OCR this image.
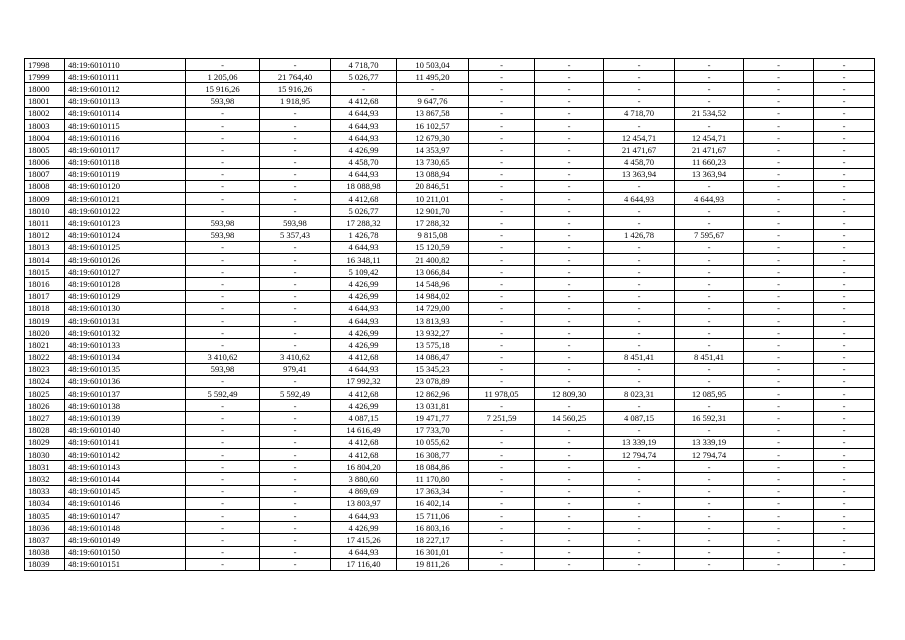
17998	48:19:6010110	-	-	4 718,70	10 503,04	-	-	-	-	-	-
17999	48:19:6010111	1 205,06	21 764,40	5 026,77	11 495,20	-	-	-	-	-	-
18000	48:19:6010112	15 916,26	15 916,26	-	-	-	-	-	-	-	-
18001	48:19:6010113	593,98	1 918,95	4 412,68	9 647,76	-	-	-	-	-	-
18002	48:19:6010114	-	-	4 644,93	13 867,58	-	-	4 718,70	21 534,52	-	-
18003	48:19:6010115	-	-	4 644,93	16 102,57	-	-	-	-	-	-
18004	48:19:6010116	-	-	4 644,93	12 679,30	-	-	12 454,71	12 454,71	-	-
18005	48:19:6010117	-	-	4 426,99	14 353,97	-	-	21 471,67	21 471,67	-	-
18006	48:19:6010118	-	-	4 458,70	13 730,65	-	-	4 458,70	11 660,23	-	-
18007	48:19:6010119	-	-	4 644,93	13 088,94	-	-	13 363,94	13 363,94	-	-
18008	48:19:6010120	-	-	18 088,98	20 846,51	-	-	-	-	-	-
18009	48:19:6010121	-	-	4 412,68	10 211,01	-	-	4 644,93	4 644,93	-	-
18010	48:19:6010122	-	-	5 026,77	12 901,70	-	-	-	-	-	-
18011	48:19:6010123	593,98	593,98	17 288,32	17 288,32	-	-	-	-	-	-
18012	48:19:6010124	593,98	5 357,43	1 426,78	9 815,08	-	-	1 426,78	7 595,67	-	-
18013	48:19:6010125	-	-	4 644,93	15 120,59	-	-	-	-	-	-
18014	48:19:6010126	-	-	16 348,11	21 400,82	-	-	-	-	-	-
18015	48:19:6010127	-	-	5 109,42	13 066,84	-	-	-	-	-	-
18016	48:19:6010128	-	-	4 426,99	14 548,96	-	-	-	-	-	-
18017	48:19:6010129	-	-	4 426,99	14 984,02	-	-	-	-	-	-
18018	48:19:6010130	-	-	4 644,93	14 729,00	-	-	-	-	-	-
18019	48:19:6010131	-	-	4 644,93	13 813,93	-	-	-	-	-	-
18020	48:19:6010132	-	-	4 426,99	13 932,27	-	-	-	-	-	-
18021	48:19:6010133	-	-	4 426,99	13 575,18	-	-	-	-	-	-
18022	48:19:6010134	3 410,62	3 410,62	4 412,68	14 086,47	-	-	8 451,41	8 451,41	-	-
18023	48:19:6010135	593,98	979,41	4 644,93	15 345,23	-	-	-	-	-	-
18024	48:19:6010136	-	-	17 992,32	23 078,89	-	-	-	-	-	-
18025	48:19:6010137	5 592,49	5 592,49	4 412,68	12 862,96	11 978,05	12 809,30	8 023,31	12 085,95	-	-
18026	48:19:6010138	-	-	4 426,99	13 031,81	-	-	-	-	-	-
18027	48:19:6010139	-	-	4 087,15	19 471,77	7 251,59	14 560,25	4 087,15	16 592,31	-	-
18028	48:19:6010140	-	-	14 616,49	17 733,70	-	-	-	-	-	-
18029	48:19:6010141	-	-	4 412,68	10 055,62	-	-	13 339,19	13 339,19	-	-
18030	48:19:6010142	-	-	4 412,68	16 308,77	-	-	12 794,74	12 794,74	-	-
18031	48:19:6010143	-	-	16 804,20	18 084,86	-	-	-	-	-	-
18032	48:19:6010144	-	-	3 880,60	11 170,80	-	-	-	-	-	-
18033	48:19:6010145	-	-	4 869,69	17 363,34	-	-	-	-	-	-
18034	48:19:6010146	-	-	13 803,97	16 402,14	-	-	-	-	-	-
18035	48:19:6010147	-	-	4 644,93	15 711,06	-	-	-	-	-	-
18036	48:19:6010148	-	-	4 426,99	16 803,16	-	-	-	-	-	-
18037	48:19:6010149	-	-	17 415,26	18 227,17	-	-	-	-	-	-
18038	48:19:6010150	-	-	4 644,93	16 301,01	-	-	-	-	-	-
18039	48:19:6010151	-	-	17 116,40	19 811,26	-	-	-	-	-	-
